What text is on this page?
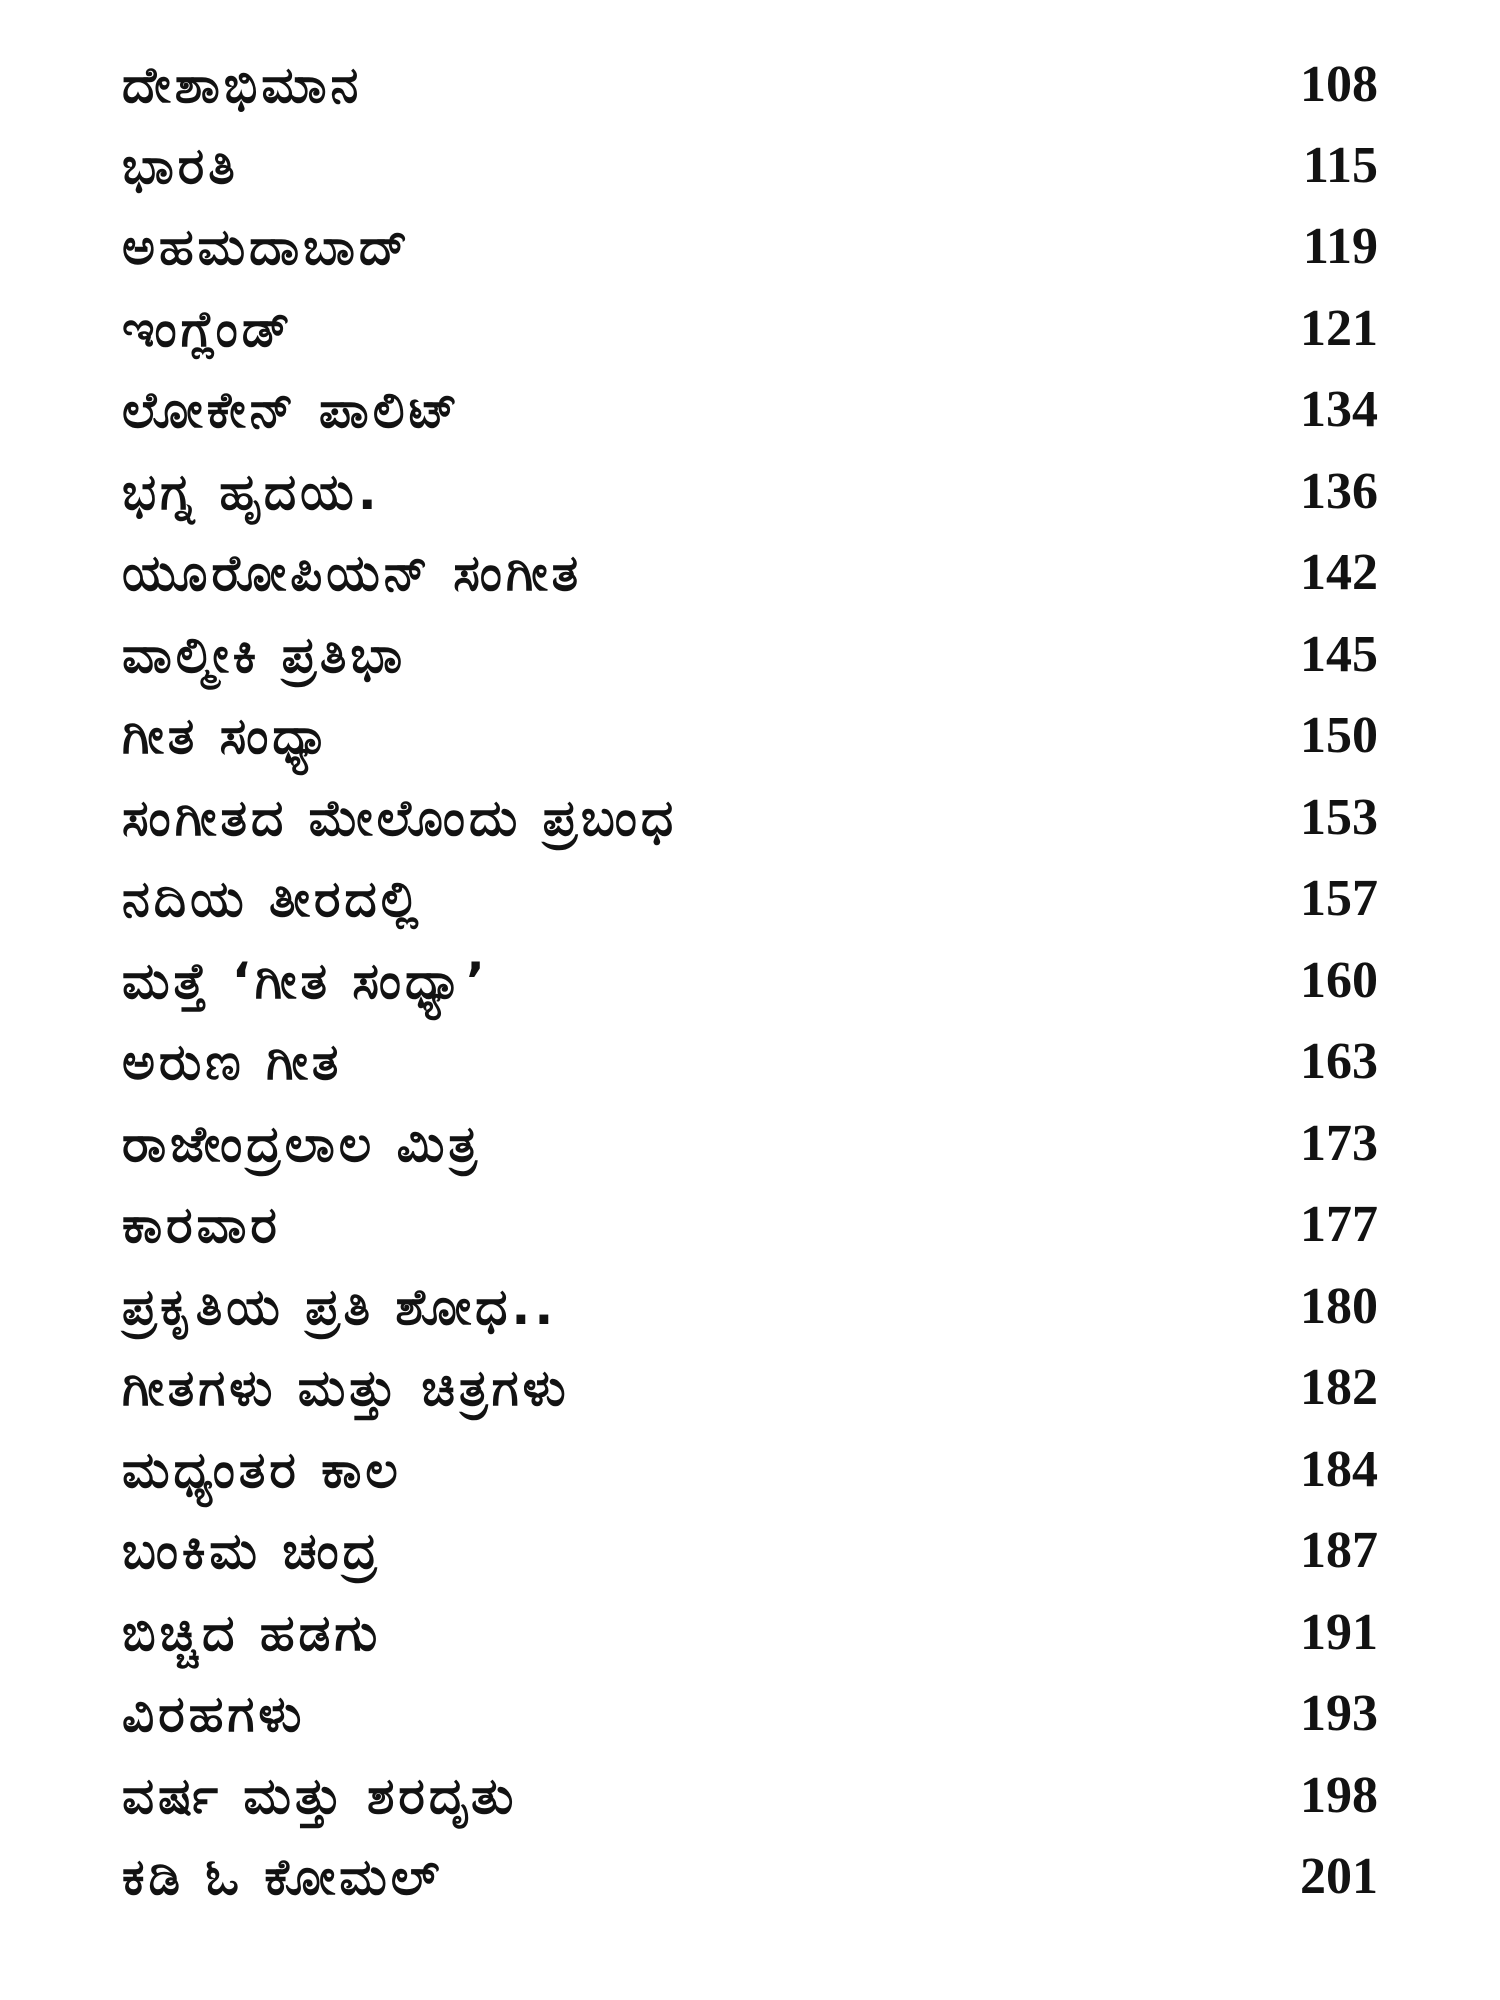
ದೇಶಾಭಿಮಾನ	108
ಭಾರತಿ	115
ಅಹಮದಾಬಾದ್	119
ಇಂಗ್ಲೆಂಡ್	121
ಲೋಕೇನ್ ಪಾಲಿಟ್	134
ಭಗ್ನ ಹೃದಯ.	136
ಯೂರೋಪಿಯನ್ ಸಂಗೀತ	142
ವಾಲ್ಮೀಕಿ ಪ್ರತಿಭಾ	145
ಗೀತ ಸಂಧ್ಯಾ	150
ಸಂಗೀತದ ಮೇಲೊಂದು ಪ್ರಬಂಧ	153
ನದಿಯ ತೀರದಲ್ಲಿ	157
ಮತ್ತೆ ‘ಗೀತ ಸಂಧ್ಯಾ’	160
ಅರುಣ ಗೀತ	163
ರಾಜೇಂದ್ರಲಾಲ ಮಿತ್ರ	173
ಕಾರವಾರ	177
ಪ್ರಕೃತಿಯ ಪ್ರತಿ ಶೋಧ..	180
ಗೀತಗಳು ಮತ್ತು ಚಿತ್ರಗಳು	182
ಮಧ್ಯಂತರ ಕಾಲ	184
ಬಂಕಿಮ ಚಂದ್ರ	187
ಬಿಚ್ಚಿದ ಹಡಗು	191
ವಿರಹಗಳು	193
ವರ್ಷ ಮತ್ತು ಶರದೃತು	198
ಕಡಿ ಓ ಕೋಮಲ್	201
